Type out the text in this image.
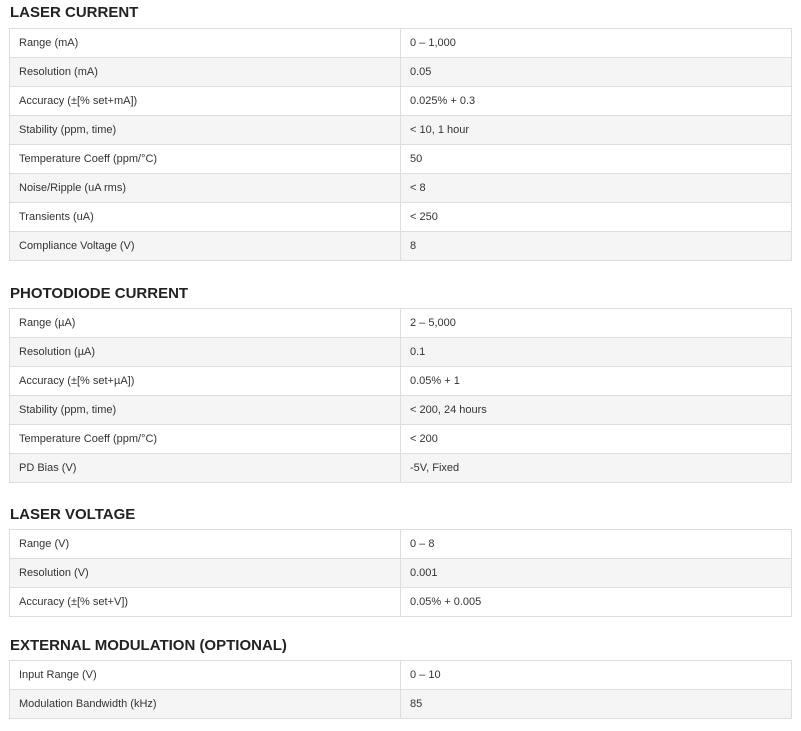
LASER CURRENT
Range (mA)	0 – 1,000
Resolution (mA)	0.05
Accuracy (±[% set+mA])	0.025% + 0.3
Stability (ppm, time)	< 10, 1 hour
Temperature Coeff (ppm/°C)	50
Noise/Ripple (uA rms)	< 8
Transients (uA)	< 250
Compliance Voltage (V)	8
PHOTODIODE CURRENT
Range (µA)	2 – 5,000
Resolution (µA)	0.1
Accuracy (±[% set+µA])	0.05% + 1
Stability (ppm, time)	< 200, 24 hours
Temperature Coeff (ppm/°C)	< 200
PD Bias (V)	-5V, Fixed
LASER VOLTAGE
Range (V)	0 – 8
Resolution (V)	0.001
Accuracy (±[% set+V])	0.05% + 0.005
EXTERNAL MODULATION (OPTIONAL)
Input Range (V)	0 – 10
Modulation Bandwidth (kHz)	85
